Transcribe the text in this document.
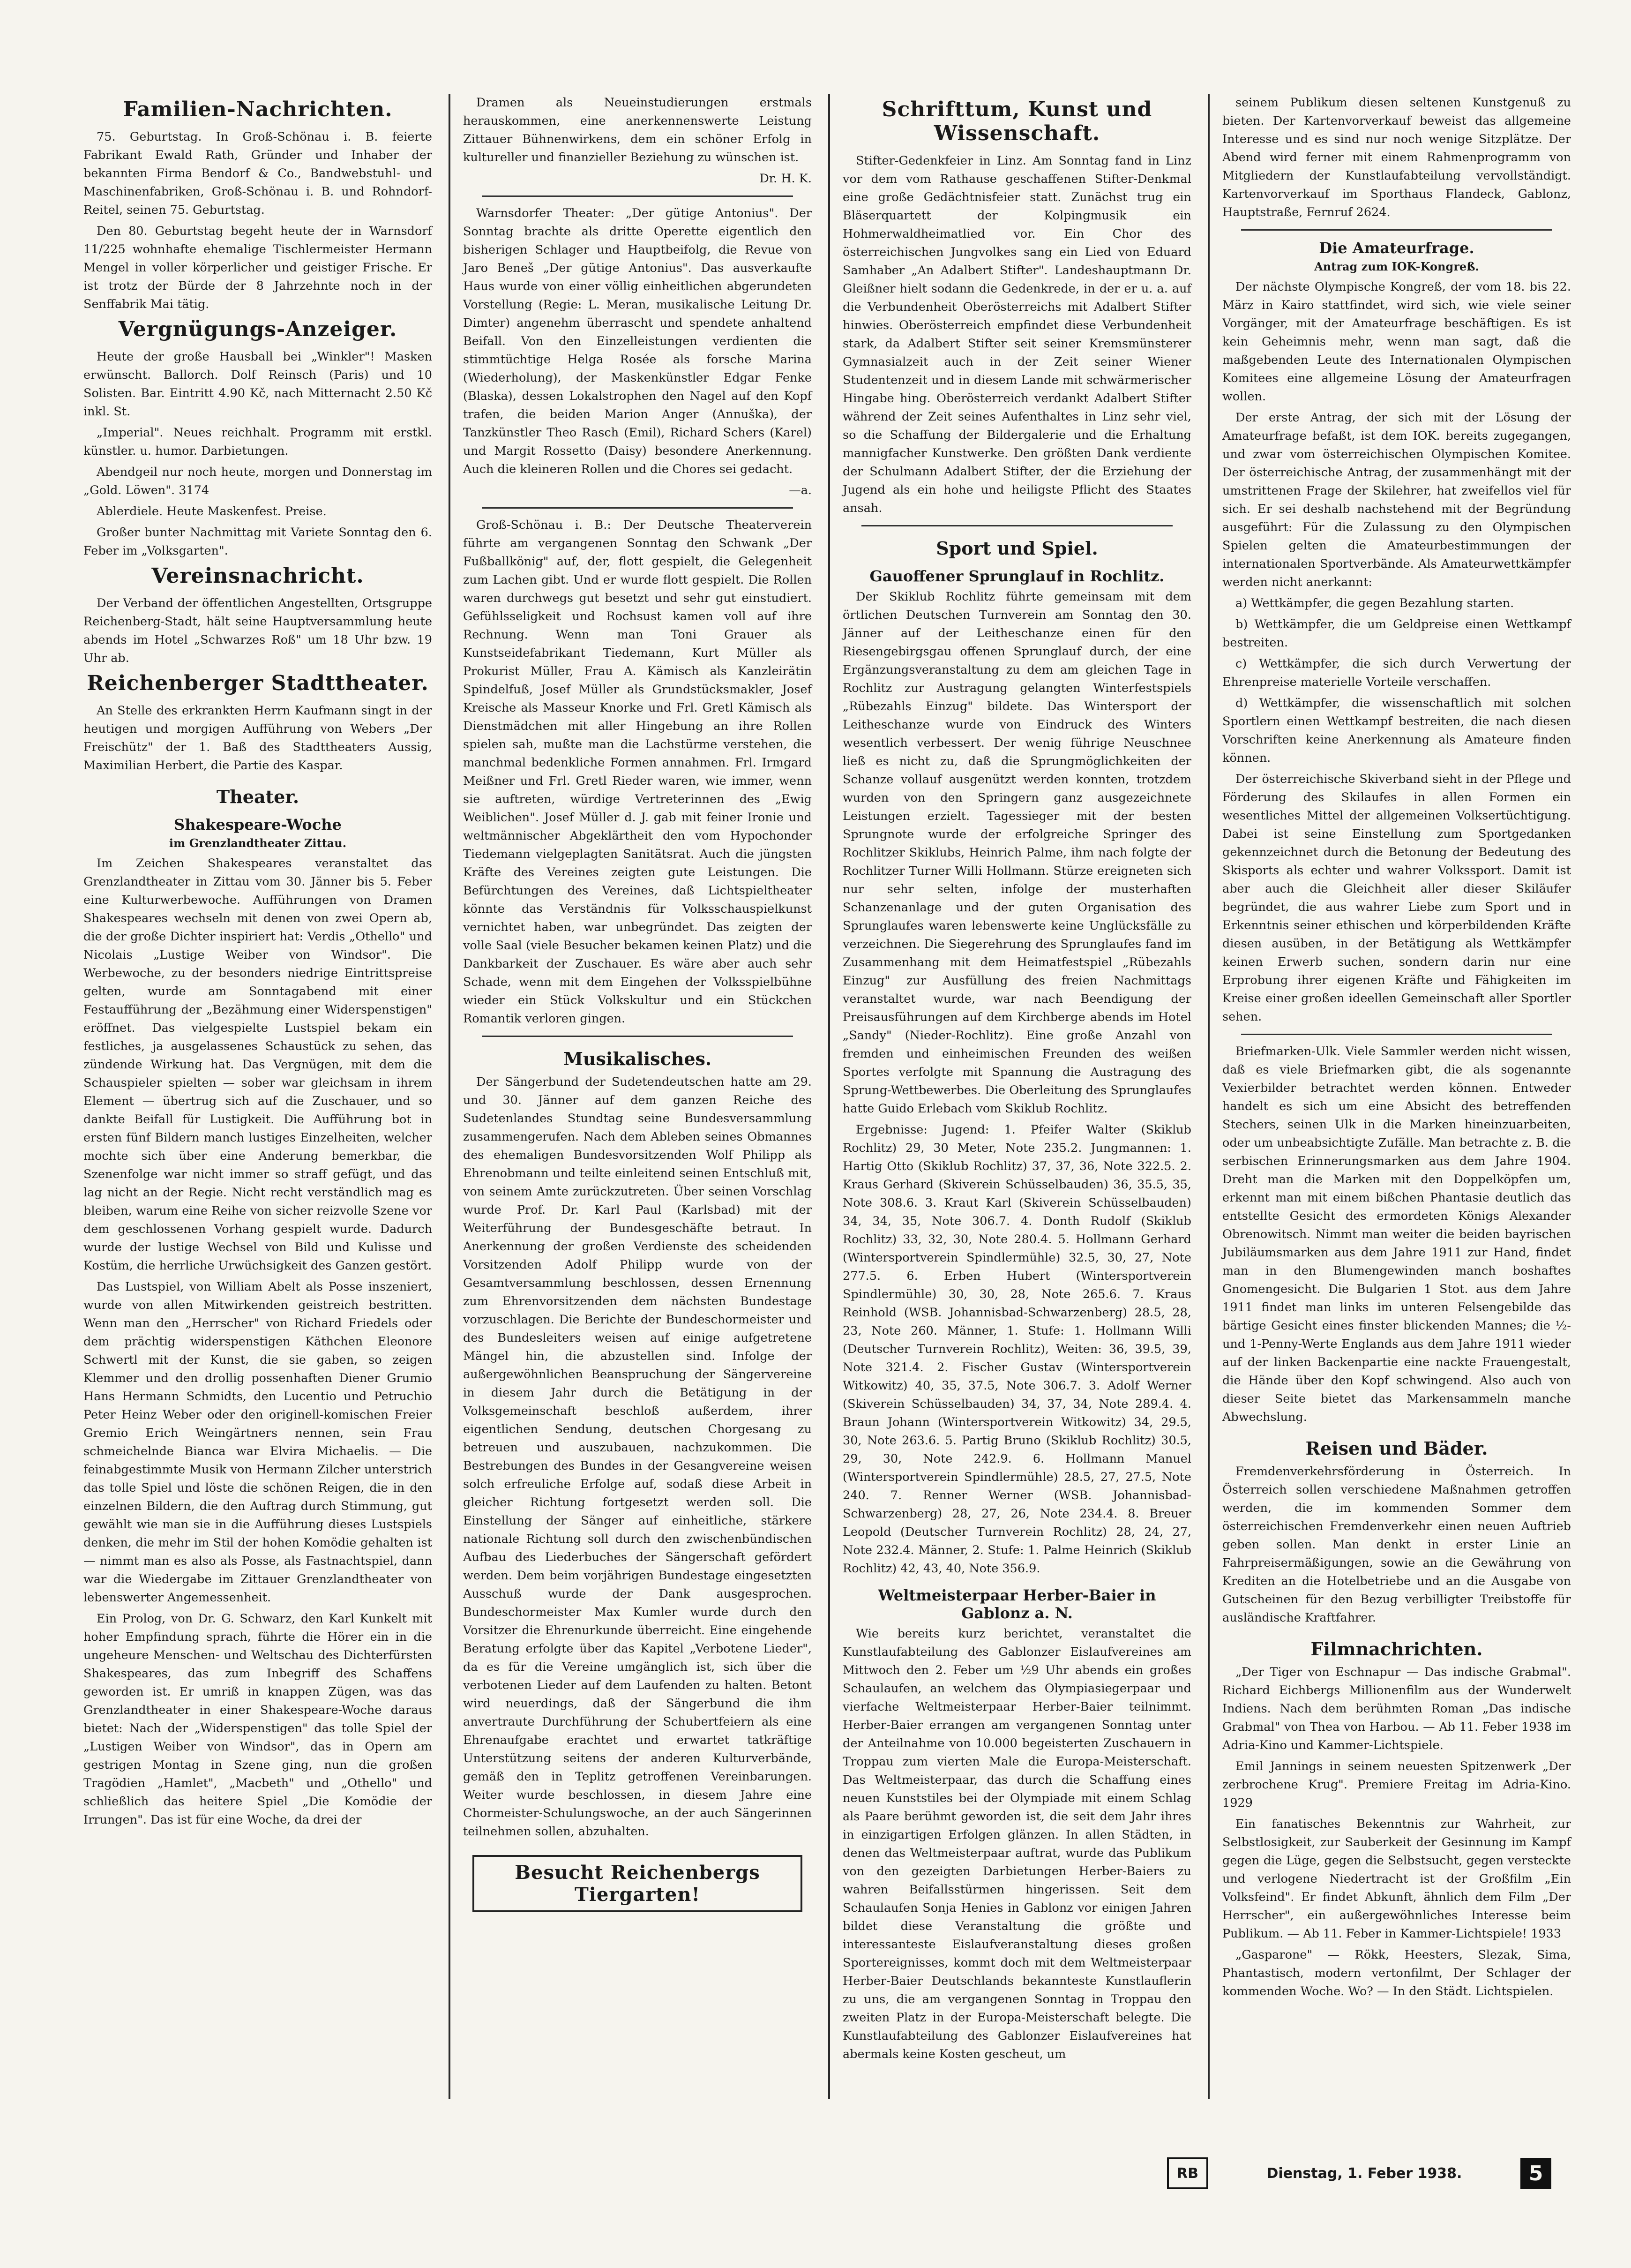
Familien-Nachrichten.

75. Geburtstag. In Groß-Schönau i. B. feierte Fabrikant Ewald Rath, Gründer und Inhaber der bekannten Firma Bendorf & Co., Bandwebstuhl- und Maschinenfabriken, Groß-Schönau i. B. und Rohndorf-Reitel, seinen 75. Geburtstag.

Den 80. Geburtstag begeht heute der in Warnsdorf 11/225 wohnhafte ehemalige Tischlermeister Hermann Mengel in voller körperlicher und geistiger Frische. Er ist trotz der Bürde der 8 Jahrzehnte noch in der Senffabrik Mai tätig.

Vergnügungs-Anzeiger.

Heute der große Hausball bei „Winkler"! Masken erwünscht. Ballorch. Dolf Reinsch (Paris) und 10 Solisten. Bar. Eintritt 4.90 Kč, nach Mitternacht 2.50 Kč inkl. St.

„Imperial". Neues reichhalt. Programm mit erstkl. künstler. u. humor. Darbietungen.

Abendgeil nur noch heute, morgen und Donnerstag im „Gold. Löwen". 3174

Ablerdiele. Heute Maskenfest. Preise.

Großer bunter Nachmittag mit Variete Sonntag den 6. Feber im „Volksgarten".

Vereinsnachricht.

Der Verband der öffentlichen Angestellten, Ortsgruppe Reichenberg-Stadt, hält seine Hauptversammlung heute abends im Hotel „Schwarzes Roß" um 18 Uhr bzw. 19 Uhr ab.

Reichenberger Stadttheater.

An Stelle des erkrankten Herrn Kaufmann singt in der heutigen und morgigen Aufführung von Webers „Der Freischütz" der 1. Baß des Stadttheaters Aussig, Maximilian Herbert, die Partie des Kaspar.

Theater.
Shakespeare-Woche
im Grenzlandtheater Zittau.

Im Zeichen Shakespeares veranstaltet das Grenzlandtheater in Zittau vom 30. Jänner bis 5. Feber eine Kulturwerbewoche. Aufführungen von Dramen Shakespeares wechseln mit denen von zwei Opern ab, die der große Dichter inspiriert hat: Verdis „Othello" und Nicolais „Lustige Weiber von Windsor". Die Werbewoche, zu der besonders niedrige Eintrittspreise gelten, wurde am Sonntagabend mit einer Festaufführung der „Bezähmung einer Widerspenstigen" eröffnet. Das vielgespielte Lustspiel bekam ein festliches, ja ausgelassenes Schaustück zu sehen, das zündende Wirkung hat. Das Vergnügen, mit dem die Schauspieler spielten — sober war gleichsam in ihrem Element — übertrug sich auf die Zuschauer, und so dankte Beifall für Lustigkeit. Die Aufführung bot in ersten fünf Bildern manch lustiges Einzelheiten, welcher mochte sich über eine Anderung bemerkbar, die Szenenfolge war nicht immer so straff gefügt, und das lag nicht an der Regie. Nicht recht verständlich mag es bleiben, warum eine Reihe von sicher reizvolle Szene vor dem geschlossenen Vorhang gespielt wurde. Dadurch wurde der lustige Wechsel von Bild und Kulisse und Kostüm, die herrliche Urwüchsigkeit des Ganzen gestört.

Das Lustspiel, von William Abelt als Posse inszeniert, wurde von allen Mitwirkenden geistreich bestritten. Wenn man den „Herrscher" von Richard Friedels oder dem prächtig widerspenstigen Käthchen Eleonore Schwertl mit der Kunst, die sie gaben, so zeigen Klemmer und den drollig possenhaften Diener Grumio Hans Hermann Schmidts, den Lucentio und Petruchio Peter Heinz Weber oder den originell-komischen Freier Gremio Erich Weingärtners nennen, sein Frau schmeichelnde Bianca war Elvira Michaelis. — Die feinabgestimmte Musik von Hermann Zilcher unterstrich das tolle Spiel und löste die schönen Reigen, die in den einzelnen Bildern, die den Auftrag durch Stimmung, gut gewählt wie man sie in die Aufführung dieses Lustspiels denken, die mehr im Stil der hohen Komödie gehalten ist — nimmt man es also als Posse, als Fastnachtspiel, dann war die Wiedergabe im Zittauer Grenzlandtheater von lebenswerter Angemessenheit.

Ein Prolog, von Dr. G. Schwarz, den Karl Kunkelt mit hoher Empfindung sprach, führte die Hörer ein in die ungeheure Menschen- und Weltschau des Dichterfürsten Shakespeares, das zum Inbegriff des Schaffens geworden ist. Er umriß in knappen Zügen, was das Grenzlandtheater in einer Shakespeare-Woche daraus bietet: Nach der „Widerspenstigen" das tolle Spiel der „Lustigen Weiber von Windsor", das in Opern am gestrigen Montag in Szene ging, nun die großen Tragödien „Hamlet", „Macbeth" und „Othello" und schließlich das heitere Spiel „Die Komödie der Irrungen". Das ist für eine Woche, da drei der

Dramen als Neueinstudierungen erstmals herauskommen, eine anerkennenswerte Leistung Zittauer Bühnenwirkens, dem ein schöner Erfolg in kultureller und finanzieller Beziehung zu wünschen ist.

Dr. H. K.

Warnsdorfer Theater: „Der gütige Antonius". Der Sonntag brachte als dritte Operette eigentlich den bisherigen Schlager und Hauptbeifolg, die Revue von Jaro Beneš „Der gütige Antonius". Das ausverkaufte Haus wurde von einer völlig einheitlichen abgerundeten Vorstellung (Regie: L. Meran, musikalische Leitung Dr. Dimter) angenehm überrascht und spendete anhaltend Beifall. Von den Einzelleistungen verdienten die stimmtüchtige Helga Rosée als forsche Marina (Wiederholung), der Maskenkünstler Edgar Fenke (Blaska), dessen Lokalstrophen den Nagel auf den Kopf trafen, die beiden Marion Anger (Annuška), der Tanzkünstler Theo Rasch (Emil), Richard Schers (Karel) und Margit Rossetto (Daisy) besondere Anerkennung. Auch die kleineren Rollen und die Chores sei gedacht.

—a.

Groß-Schönau i. B.: Der Deutsche Theaterverein führte am vergangenen Sonntag den Schwank „Der Fußballkönig" auf, der, flott gespielt, die Gelegenheit zum Lachen gibt. Und er wurde flott gespielt. Die Rollen waren durchwegs gut besetzt und sehr gut einstudiert. Gefühlsseligkeit und Rochsust kamen voll auf ihre Rechnung. Wenn man Toni Grauer als Kunstseidefabrikant Tiedemann, Kurt Müller als Prokurist Müller, Frau A. Kämisch als Kanzleirätin Spindelfuß, Josef Müller als Grundstücksmakler, Josef Kreische als Masseur Knorke und Frl. Gretl Kämisch als Dienstmädchen mit aller Hingebung an ihre Rollen spielen sah, mußte man die Lachstürme verstehen, die manchmal bedenkliche Formen annahmen. Frl. Irmgard Meißner und Frl. Gretl Rieder waren, wie immer, wenn sie auftreten, würdige Vertreterinnen des „Ewig Weiblichen". Josef Müller d. J. gab mit feiner Ironie und weltmännischer Abgeklärtheit den vom Hypochonder Tiedemann vielgeplagten Sanitätsrat. Auch die jüngsten Kräfte des Vereines zeigten gute Leistungen. Die Befürchtungen des Vereines, daß Lichtspieltheater könnte das Verständnis für Volksschauspielkunst vernichtet haben, war unbegründet. Das zeigten der volle Saal (viele Besucher bekamen keinen Platz) und die Dankbarkeit der Zuschauer. Es wäre aber auch sehr Schade, wenn mit dem Eingehen der Volksspielbühne wieder ein Stück Volkskultur und ein Stückchen Romantik verloren gingen.

Musikalisches.

Der Sängerbund der Sudetendeutschen hatte am 29. und 30. Jänner auf dem ganzen Reiche des Sudetenlandes Stundtag seine Bundesversammlung zusammengerufen. Nach dem Ableben seines Obmannes des ehemaligen Bundesvorsitzenden Wolf Philipp als Ehrenobmann und teilte einleitend seinen Entschluß mit, von seinem Amte zurückzutreten. Über seinen Vorschlag wurde Prof. Dr. Karl Paul (Karlsbad) mit der Weiterführung der Bundesgeschäfte betraut. In Anerkennung der großen Verdienste des scheidenden Vorsitzenden Adolf Philipp wurde von der Gesamtversammlung beschlossen, dessen Ernennung zum Ehrenvorsitzenden dem nächsten Bundestage vorzuschlagen. Die Berichte der Bundeschormeister und des Bundesleiters weisen auf einige aufgetretene Mängel hin, die abzustellen sind. Infolge der außergewöhnlichen Beanspruchung der Sängervereine in diesem Jahr durch die Betätigung in der Volksgemeinschaft beschloß außerdem, ihrer eigentlichen Sendung, deutschen Chorgesang zu betreuen und auszubauen, nachzukommen. Die Bestrebungen des Bundes in der Gesangvereine weisen solch erfreuliche Erfolge auf, sodaß diese Arbeit in gleicher Richtung fortgesetzt werden soll. Die Einstellung der Sänger auf einheitliche, stärkere nationale Richtung soll durch den zwischenbündischen Aufbau des Liederbuches der Sängerschaft gefördert werden. Dem beim vorjährigen Bundestage eingesetzten Ausschuß wurde der Dank ausgesprochen. Bundeschormeister Max Kumler wurde durch den Vorsitzer die Ehrenurkunde überreicht. Eine eingehende Beratung erfolgte über das Kapitel „Verbotene Lieder", da es für die Vereine umgänglich ist, sich über die verbotenen Lieder auf dem Laufenden zu halten. Betont wird neuerdings, daß der Sängerbund die ihm anvertraute Durchführung der Schubertfeiern als eine Ehrenaufgabe erachtet und erwartet tatkräftige Unterstützung seitens der anderen Kulturverbände, gemäß den in Teplitz getroffenen Vereinbarungen. Weiter wurde beschlossen, in diesem Jahre eine Chormeister-Schulungswoche, an der auch Sängerinnen teilnehmen sollen, abzuhalten.

Besucht Reichenbergs Tiergarten!
Schrifttum, Kunst und Wissenschaft.

Stifter-Gedenkfeier in Linz. Am Sonntag fand in Linz vor dem vom Rathause geschaffenen Stifter-Denkmal eine große Gedächtnisfeier statt. Zunächst trug ein Bläserquartett der Kolpingmusik ein Hohmerwaldheimatlied vor. Ein Chor des österreichischen Jungvolkes sang ein Lied von Eduard Samhaber „An Adalbert Stifter". Landeshauptmann Dr. Gleißner hielt sodann die Gedenkrede, in der er u. a. auf die Verbundenheit Oberösterreichs mit Adalbert Stifter hinwies. Oberösterreich empfindet diese Verbundenheit stark, da Adalbert Stifter seit seiner Kremsmünsterer Gymnasialzeit auch in der Zeit seiner Wiener Studentenzeit und in diesem Lande mit schwärmerischer Hingabe hing. Oberösterreich verdankt Adalbert Stifter während der Zeit seines Aufenthaltes in Linz sehr viel, so die Schaffung der Bildergalerie und die Erhaltung mannigfacher Kunstwerke. Den größten Dank verdiente der Schulmann Adalbert Stifter, der die Erziehung der Jugend als ein hohe und heiligste Pflicht des Staates ansah.

Sport und Spiel.
Gauoffener Sprunglauf in Rochlitz.

Der Skiklub Rochlitz führte gemeinsam mit dem örtlichen Deutschen Turnverein am Sonntag den 30. Jänner auf der Leitheschanze einen für den Riesengebirgsgau offenen Sprunglauf durch, der eine Ergänzungsveranstaltung zu dem am gleichen Tage in Rochlitz zur Austragung gelangten Winterfestspiels „Rübezahls Einzug" bildete. Das Wintersport der Leitheschanze wurde von Eindruck des Winters wesentlich verbessert. Der wenig führige Neuschnee ließ es nicht zu, daß die Sprungmöglichkeiten der Schanze vollauf ausgenützt werden konnten, trotzdem wurden von den Springern ganz ausgezeichnete Leistungen erzielt. Tagessieger mit der besten Sprungnote wurde der erfolgreiche Springer des Rochlitzer Skiklubs, Heinrich Palme, ihm nach folgte der Rochlitzer Turner Willi Hollmann. Stürze ereigneten sich nur sehr selten, infolge der musterhaften Schanzenanlage und der guten Organisation des Sprunglaufes waren lebenswerte keine Unglücksfälle zu verzeichnen. Die Siegerehrung des Sprunglaufes fand im Zusammenhang mit dem Heimatfestspiel „Rübezahls Einzug" zur Ausfüllung des freien Nachmittags veranstaltet wurde, war nach Beendigung der Preisausführungen auf dem Kirchberge abends im Hotel „Sandy" (Nieder-Rochlitz). Eine große Anzahl von fremden und einheimischen Freunden des weißen Sportes verfolgte mit Spannung die Austragung des Sprung-Wettbewerbes. Die Oberleitung des Sprunglaufes hatte Guido Erlebach vom Skiklub Rochlitz.

Ergebnisse: Jugend: 1. Pfeifer Walter (Skiklub Rochlitz) 29, 30 Meter, Note 235.2. Jungmannen: 1. Hartig Otto (Skiklub Rochlitz) 37, 37, 36, Note 322.5. 2. Kraus Gerhard (Skiverein Schüsselbauden) 36, 35.5, 35, Note 308.6. 3. Kraut Karl (Skiverein Schüsselbauden) 34, 34, 35, Note 306.7. 4. Donth Rudolf (Skiklub Rochlitz) 33, 32, 30, Note 280.4. 5. Hollmann Gerhard (Wintersportverein Spindlermühle) 32.5, 30, 27, Note 277.5. 6. Erben Hubert (Wintersportverein Spindlermühle) 30, 30, 28, Note 265.6. 7. Kraus Reinhold (WSB. Johannisbad-Schwarzenberg) 28.5, 28, 23, Note 260. Männer, 1. Stufe: 1. Hollmann Willi (Deutscher Turnverein Rochlitz), Weiten: 36, 39.5, 39, Note 321.4. 2. Fischer Gustav (Wintersportverein Witkowitz) 40, 35, 37.5, Note 306.7. 3. Adolf Werner (Skiverein Schüsselbauden) 34, 37, 34, Note 289.4. 4. Braun Johann (Wintersportverein Witkowitz) 34, 29.5, 30, Note 263.6. 5. Partig Bruno (Skiklub Rochlitz) 30.5, 29, 30, Note 242.9. 6. Hollmann Manuel (Wintersportverein Spindlermühle) 28.5, 27, 27.5, Note 240. 7. Renner Werner (WSB. Johannisbad-Schwarzenberg) 28, 27, 26, Note 234.4. 8. Breuer Leopold (Deutscher Turnverein Rochlitz) 28, 24, 27, Note 232.4. Männer, 2. Stufe: 1. Palme Heinrich (Skiklub Rochlitz) 42, 43, 40, Note 356.9.

Weltmeisterpaar Herber-Baier in Gablonz a. N.

Wie bereits kurz berichtet, veranstaltet die Kunstlaufabteilung des Gablonzer Eislaufvereines am Mittwoch den 2. Feber um ½9 Uhr abends ein großes Schaulaufen, an welchem das Olympiasiegerpaar und vierfache Weltmeisterpaar Herber-Baier teilnimmt. Herber-Baier errangen am vergangenen Sonntag unter der Anteilnahme von 10.000 begeisterten Zuschauern in Troppau zum vierten Male die Europa-Meisterschaft. Das Weltmeisterpaar, das durch die Schaffung eines neuen Kunststiles bei der Olympiade mit einem Schlag als Paare berühmt geworden ist, die seit dem Jahr ihres in einzigartigen Erfolgen glänzen. In allen Städten, in denen das Weltmeisterpaar auftrat, wurde das Publikum von den gezeigten Darbietungen Herber-Baiers zu wahren Beifallsstürmen hingerissen. Seit dem Schaulaufen Sonja Henies in Gablonz vor einigen Jahren bildet diese Veranstaltung die größte und interessanteste Eislaufveranstaltung dieses großen Sportereignisses, kommt doch mit dem Weltmeisterpaar Herber-Baier Deutschlands bekannteste Kunstlauflerin zu uns, die am vergangenen Sonntag in Troppau den zweiten Platz in der Europa-Meisterschaft belegte. Die Kunstlaufabteilung des Gablonzer Eislaufvereines hat abermals keine Kosten gescheut, um

seinem Publikum diesen seltenen Kunstgenuß zu bieten. Der Kartenvorverkauf beweist das allgemeine Interesse und es sind nur noch wenige Sitzplätze. Der Abend wird ferner mit einem Rahmenprogramm von Mitgliedern der Kunstlaufabteilung vervollständigt. Kartenvorverkauf im Sporthaus Flandeck, Gablonz, Hauptstraße, Fernruf 2624.

Die Amateurfrage.
Antrag zum IOK-Kongreß.

Der nächste Olympische Kongreß, der vom 18. bis 22. März in Kairo stattfindet, wird sich, wie viele seiner Vorgänger, mit der Amateurfrage beschäftigen. Es ist kein Geheimnis mehr, wenn man sagt, daß die maßgebenden Leute des Internationalen Olympischen Komitees eine allgemeine Lösung der Amateurfragen wollen.

Der erste Antrag, der sich mit der Lösung der Amateurfrage befaßt, ist dem IOK. bereits zugegangen, und zwar vom österreichischen Olympischen Komitee. Der österreichische Antrag, der zusammenhängt mit der umstrittenen Frage der Skilehrer, hat zweifellos viel für sich. Er sei deshalb nachstehend mit der Begründung ausgeführt: Für die Zulassung zu den Olympischen Spielen gelten die Amateurbestimmungen der internationalen Sportverbände. Als Amateurwettkämpfer werden nicht anerkannt:

a) Wettkämpfer, die gegen Bezahlung starten.

b) Wettkämpfer, die um Geldpreise einen Wettkampf bestreiten.

c) Wettkämpfer, die sich durch Verwertung der Ehrenpreise materielle Vorteile verschaffen.

d) Wettkämpfer, die wissenschaftlich mit solchen Sportlern einen Wettkampf bestreiten, die nach diesen Vorschriften keine Anerkennung als Amateure finden können.

Der österreichische Skiverband sieht in der Pflege und Förderung des Skilaufes in allen Formen ein wesentliches Mittel der allgemeinen Volksertüchtigung. Dabei ist seine Einstellung zum Sportgedanken gekennzeichnet durch die Betonung der Bedeutung des Skisports als echter und wahrer Volkssport. Damit ist aber auch die Gleichheit aller dieser Skiläufer begründet, die aus wahrer Liebe zum Sport und in Erkenntnis seiner ethischen und körperbildenden Kräfte diesen ausüben, in der Betätigung als Wettkämpfer keinen Erwerb suchen, sondern darin nur eine Erprobung ihrer eigenen Kräfte und Fähigkeiten im Kreise einer großen ideellen Gemeinschaft aller Sportler sehen.

Briefmarken-Ulk. Viele Sammler werden nicht wissen, daß es viele Briefmarken gibt, die als sogenannte Vexierbilder betrachtet werden können. Entweder handelt es sich um eine Absicht des betreffenden Stechers, seinen Ulk in die Marken hineinzuarbeiten, oder um unbeabsichtigte Zufälle. Man betrachte z. B. die serbischen Erinnerungsmarken aus dem Jahre 1904. Dreht man die Marken mit den Doppelköpfen um, erkennt man mit einem bißchen Phantasie deutlich das entstellte Gesicht des ermordeten Königs Alexander Obrenowitsch. Nimmt man weiter die beiden bayrischen Jubiläumsmarken aus dem Jahre 1911 zur Hand, findet man in den Blumengewinden manch boshaftes Gnomengesicht. Die Bulgarien 1 Stot. aus dem Jahre 1911 findet man links im unteren Felsengebilde das bärtige Gesicht eines finster blickenden Mannes; die ½- und 1-Penny-Werte Englands aus dem Jahre 1911 wieder auf der linken Backenpartie eine nackte Frauengestalt, die Hände über den Kopf schwingend. Also auch von dieser Seite bietet das Markensammeln manche Abwechslung.

Reisen und Bäder.

Fremdenverkehrsförderung in Österreich. In Österreich sollen verschiedene Maßnahmen getroffen werden, die im kommenden Sommer dem österreichischen Fremdenverkehr einen neuen Auftrieb geben sollen. Man denkt in erster Linie an Fahrpreisermäßigungen, sowie an die Gewährung von Krediten an die Hotelbetriebe und an die Ausgabe von Gutscheinen für den Bezug verbilligter Treibstoffe für ausländische Kraftfahrer.

Filmnachrichten.

„Der Tiger von Eschnapur — Das indische Grabmal". Richard Eichbergs Millionenfilm aus der Wunderwelt Indiens. Nach dem berühmten Roman „Das indische Grabmal" von Thea von Harbou. — Ab 11. Feber 1938 im Adria-Kino und Kammer-Lichtspiele.

Emil Jannings in seinem neuesten Spitzenwerk „Der zerbrochene Krug". Premiere Freitag im Adria-Kino. 1929

Ein fanatisches Bekenntnis zur Wahrheit, zur Selbstlosigkeit, zur Sauberkeit der Gesinnung im Kampf gegen die Lüge, gegen die Selbstsucht, gegen versteckte und verlogene Niedertracht ist der Großfilm „Ein Volksfeind". Er findet Abkunft, ähnlich dem Film „Der Herrscher", ein außergewöhnliches Interesse beim Publikum. — Ab 11. Feber in Kammer-Lichtspiele! 1933

„Gasparone" — Rökk, Heesters, Slezak, Sima, Phantastisch, modern vertonfilmt, Der Schlager der kommenden Woche. Wo? — In den Städt. Lichtspielen.

RB	Dienstag, 1. Feber 1938.	5
